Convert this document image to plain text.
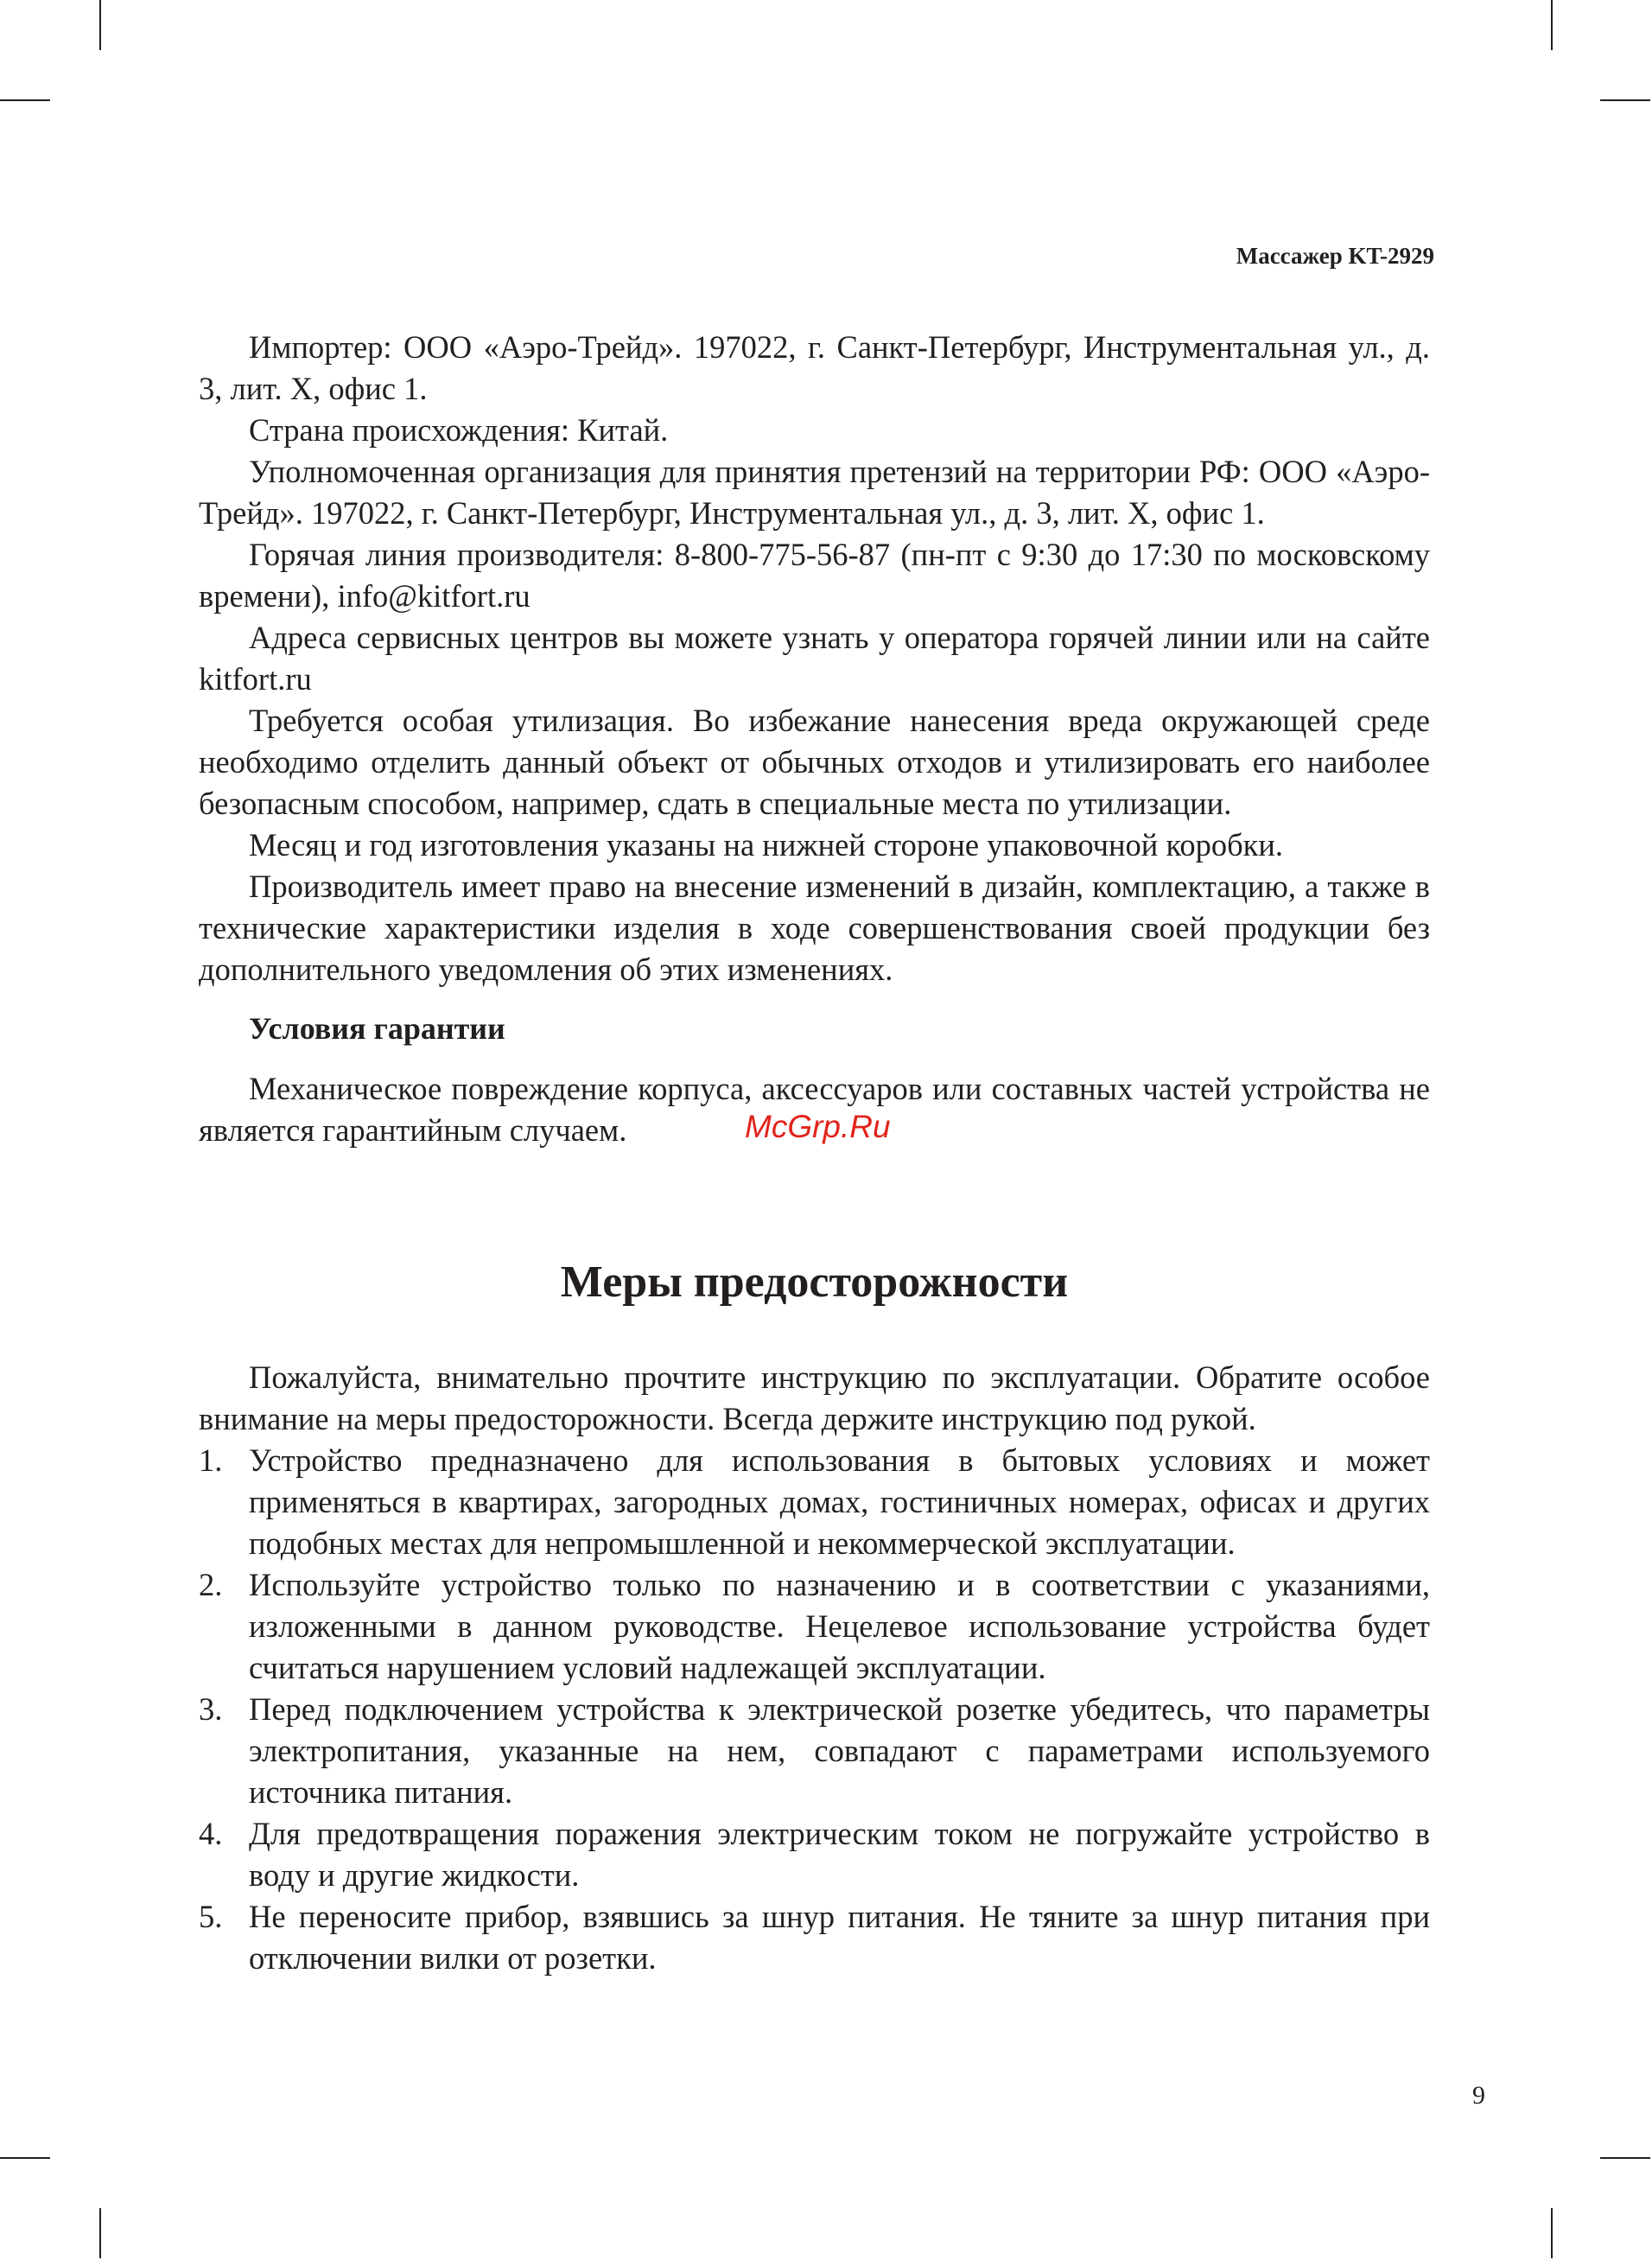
Массажер KT-2929

Импортер: ООО «Аэро-Трейд». 197022, г. Санкт-Петербург, Инструментальная ул., д. 3, лит. Х, офис 1.

Страна происхождения: Китай.

Уполномоченная организация для принятия претензий на территории РФ: ООО «Аэро-Трейд». 197022, г. Санкт-Петербург, Инструментальная ул., д. 3, лит. Х, офис 1.

Горячая линия производителя: 8-800-775-56-87 (пн-пт с 9:30 до 17:30 по московскому времени), info@kitfort.ru

Адреса сервисных центров вы можете узнать у оператора горячей линии или на сайте kitfort.ru

Требуется особая утилизация. Во избежание нанесения вреда окружающей среде необходимо отделить данный объект от обычных отходов и утилизировать его наиболее безопасным способом, например, сдать в специальные места по утилизации.

Месяц и год изготовления указаны на нижней стороне упаковочной коробки.

Производитель имеет право на внесение изменений в дизайн, комплектацию, а также в технические характеристики изделия в ходе совершенствования своей продукции без дополнительного уведомления об этих изменениях.

Условия гарантии

Механическое повреждение корпуса, аксессуаров или составных частей устройства не является гарантийным случаем.

Меры предосторожности

Пожалуйста, внимательно прочтите инструкцию по эксплуатации. Обратите особое внимание на меры предосторожности. Всегда держите инструкцию под рукой.

1. Устройство предназначено для использования в бытовых условиях и может применяться в квартирах, загородных домах, гостиничных номерах, офисах и других подобных местах для непромышленной и некоммерческой эксплуатации.
2. Используйте устройство только по назначению и в соответствии с указаниями, изложенными в данном руководстве. Нецелевое использование устройства будет считаться нарушением условий надлежащей эксплуатации.
3. Перед подключением устройства к электрической розетке убедитесь, что параметры электропитания, указанные на нем, совпадают с параметрами используемого источника питания.
4. Для предотвращения поражения электрическим током не погружайте устройство в воду и другие жидкости.
5. Не переносите прибор, взявшись за шнур питания. Не тяните за шнур питания при отключении вилки от розетки.
McGrp.Ru
9
